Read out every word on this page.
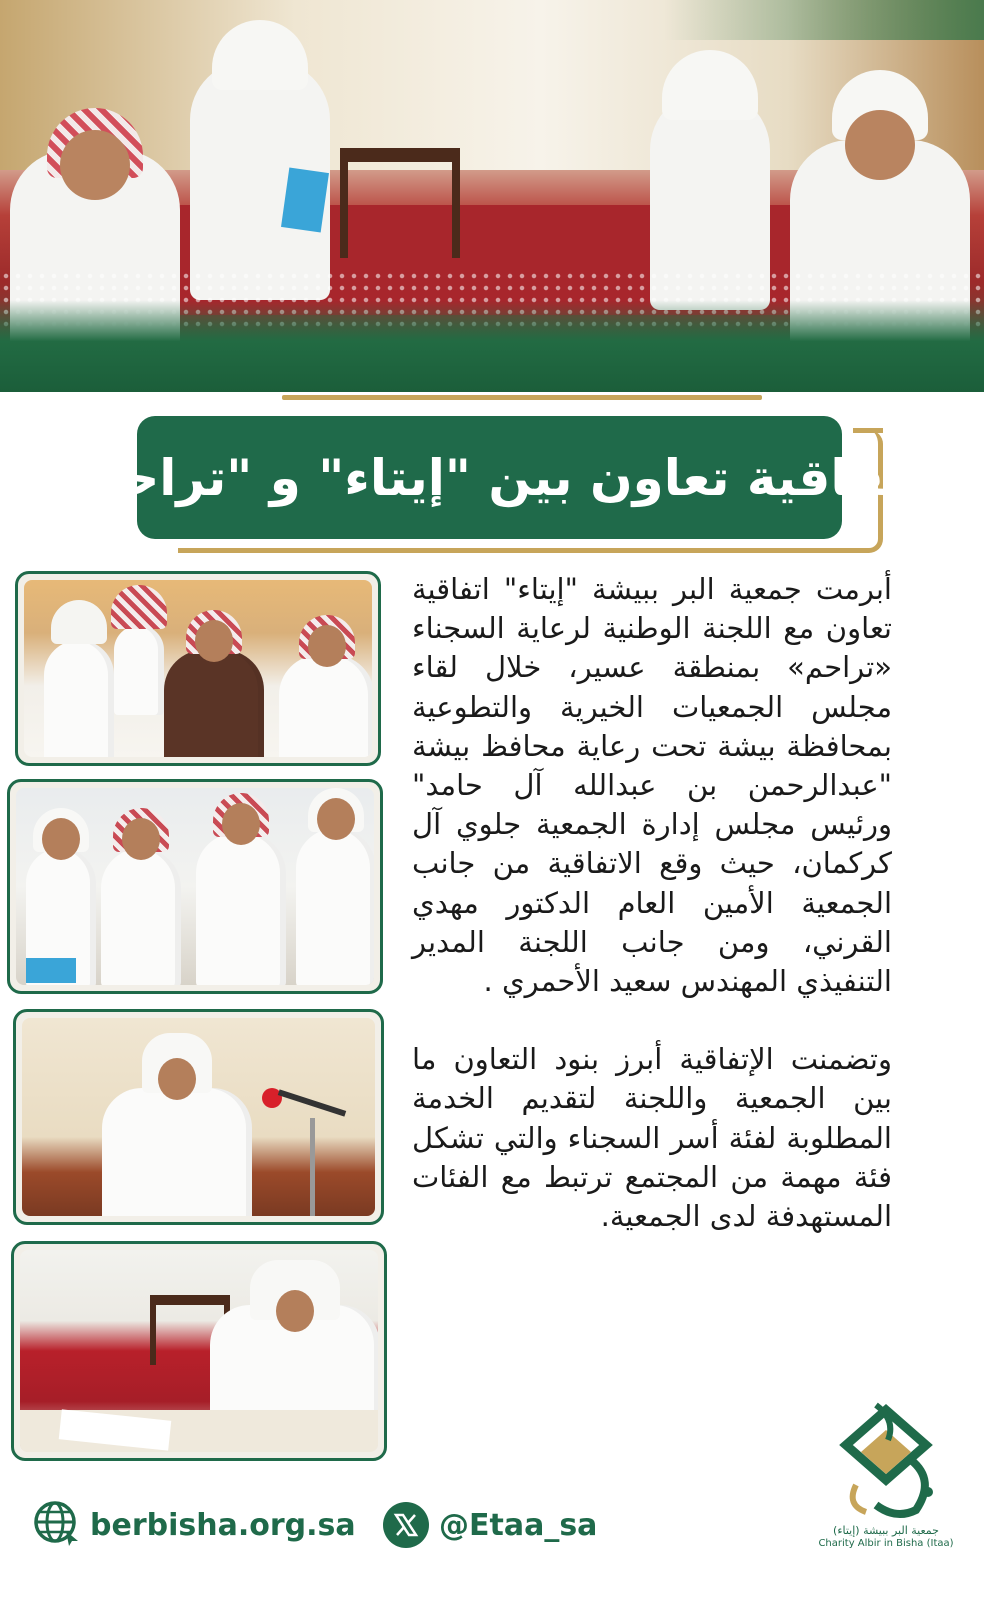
اتفاقية تعاون بين "إيتاء" و "تراحم"

أبرمت جمعية البر ببيشة "إيتاء" اتفاقية تعاون مع اللجنة الوطنية لرعاية السجناء «تراحم» بمنطقة عسير، خلال لقاء مجلس الجمعيات الخيرية والتطوعية بمحافظة بيشة تحت رعاية محافظ بيشة "عبدالرحمن بن عبدالله آل حامد" ورئيس مجلس إدارة الجمعية جلوي آل كركمان، حيث وقع الاتفاقية من جانب الجمعية الأمين العام الدكتور مهدي القرني، ومن جانب اللجنة المدير التنفيذي المهندس سعيد الأحمري .

وتضمنت الإتفاقية أبرز بنود التعاون ما بين الجمعية واللجنة لتقديم الخدمة المطلوبة لفئة أسر السجناء والتي تشكل فئة مهمة من المجتمع ترتبط مع الفئات المستهدفة لدى الجمعية.

جمعية البر ببيشة (إيتاء)
Charity Albir in Bisha (Itaa)
berbisha.org.sa	@Etaa_sa
